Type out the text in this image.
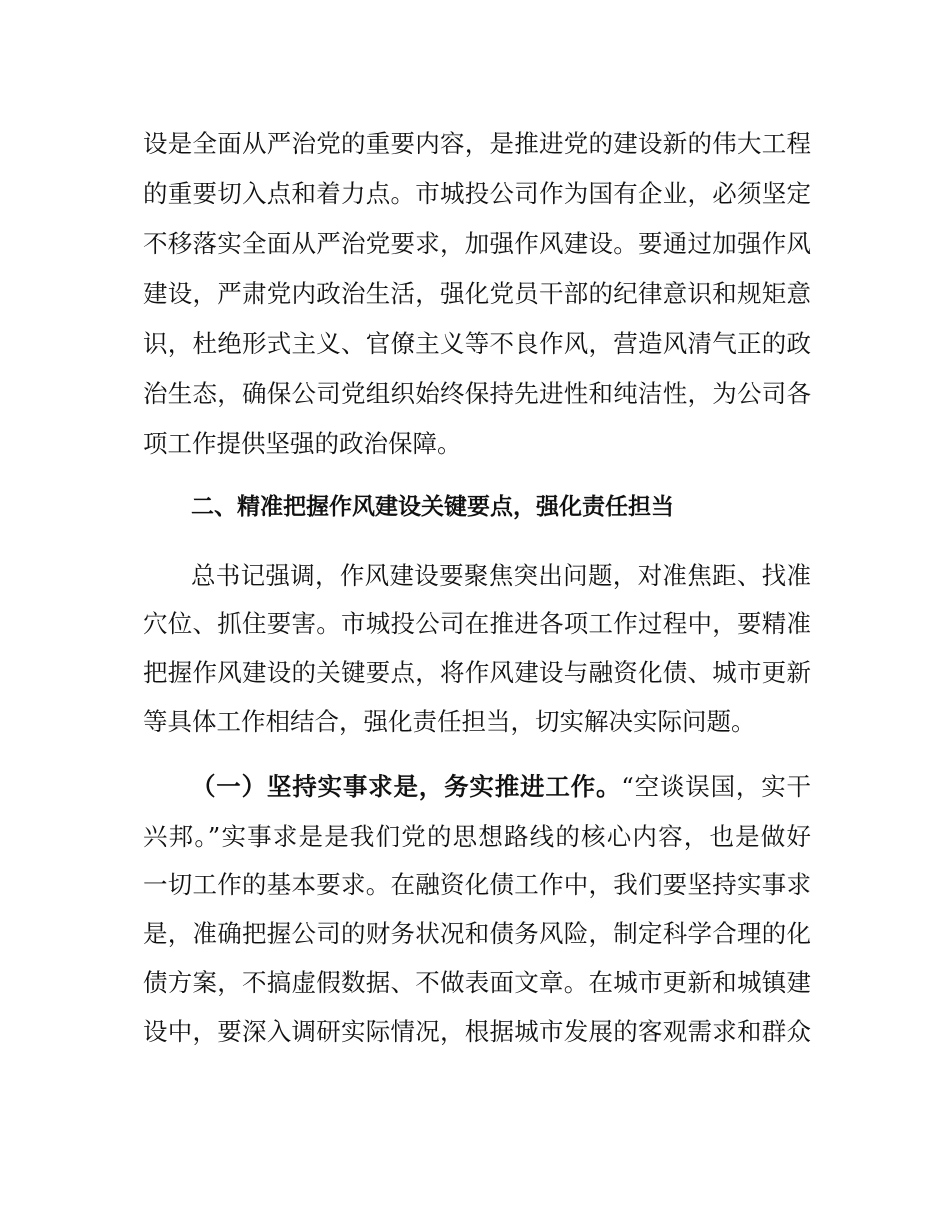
设是全面从严治党的重要内容，是推进党的建设新的伟大工程
的重要切入点和着力点。市城投公司作为国有企业，必须坚定
不移落实全面从严治党要求，加强作风建设。要通过加强作风
建设，严肃党内政治生活，强化党员干部的纪律意识和规矩意
识，杜绝形式主义、官僚主义等不良作风，营造风清气正的政
治生态，确保公司党组织始终保持先进性和纯洁性，为公司各
项工作提供坚强的政治保障。
二、精准把握作风建设关键要点，强化责任担当
总书记强调，作风建设要聚焦突出问题，对准焦距、找准
穴位、抓住要害。市城投公司在推进各项工作过程中，要精准
把握作风建设的关键要点，将作风建设与融资化债、城市更新
等具体工作相结合，强化责任担当，切实解决实际问题。
（一）坚持实事求是，务实推进工作。“空谈误国，实干
兴邦。”实事求是是我们党的思想路线的核心内容，也是做好
一切工作的基本要求。在融资化债工作中，我们要坚持实事求
是，准确把握公司的财务状况和债务风险，制定科学合理的化
债方案，不搞虚假数据、不做表面文章。在城市更新和城镇建
设中，要深入调研实际情况，根据城市发展的客观需求和群众
